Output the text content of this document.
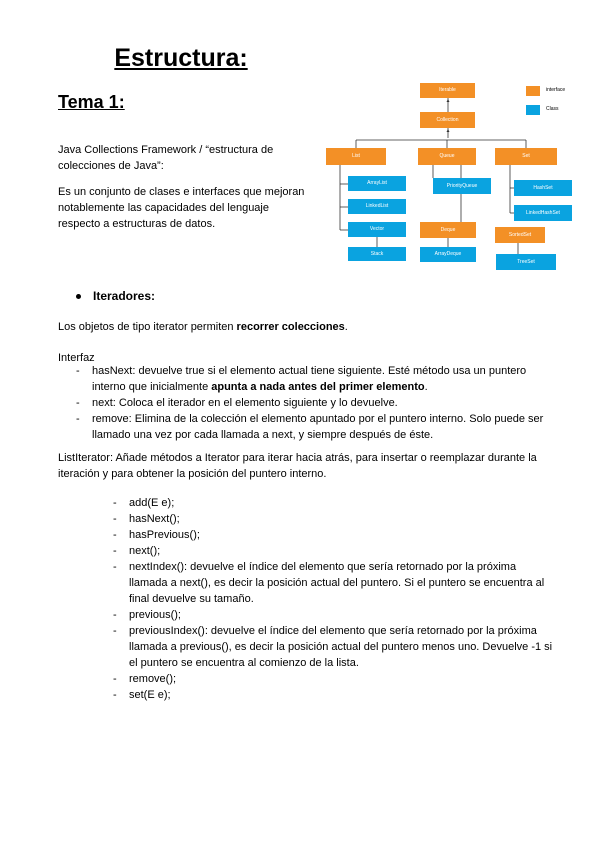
Estructura:
Tema 1:
Java Collections Framework / “estructura de colecciones de Java”:
Es un conjunto de clases e interfaces que mejoran notablemente las capacidades del lenguaje respecto a estructuras de datos.
Iterable
Collection
List	Queue	Set
ArrayList
LinkedList
Vector
Stack
PriorityQueue
Deque
ArrayDeque
HashSet
LinkedHashSet
SortedSet
TreeSet
interface
Class
Iteradores:
Los objetos de tipo iterator permiten recorrer colecciones.
Interfaz
- hasNext: devuelve true si el elemento actual tiene siguiente. Esté método usa un puntero interno que inicialmente apunta a nada antes del primer elemento.
- next: Coloca el iterador en el elemento siguiente y lo devuelve.
- remove: Elimina de la colección el elemento apuntado por el puntero interno. Solo puede ser llamado una vez por cada llamada a next, y siempre después de éste.
ListIterator: Añade métodos a Iterator para iterar hacia atrás, para insertar o reemplazar durante la iteración y para obtener la posición del puntero interno.
- add(E e);
- hasNext();
- hasPrevious();
- next();
- nextIndex(): devuelve el índice del elemento que sería retornado por la próxima llamada a next(), es decir la posición actual del puntero. Si el puntero se encuentra al final devuelve su tamaño.
- previous();
- previousIndex(): devuelve el índice del elemento que sería retornado por la próxima llamada a previous(), es decir la posición actual del puntero menos uno. Devuelve -1 si el puntero se encuentra al comienzo de la lista.
- remove();
- set(E e);
